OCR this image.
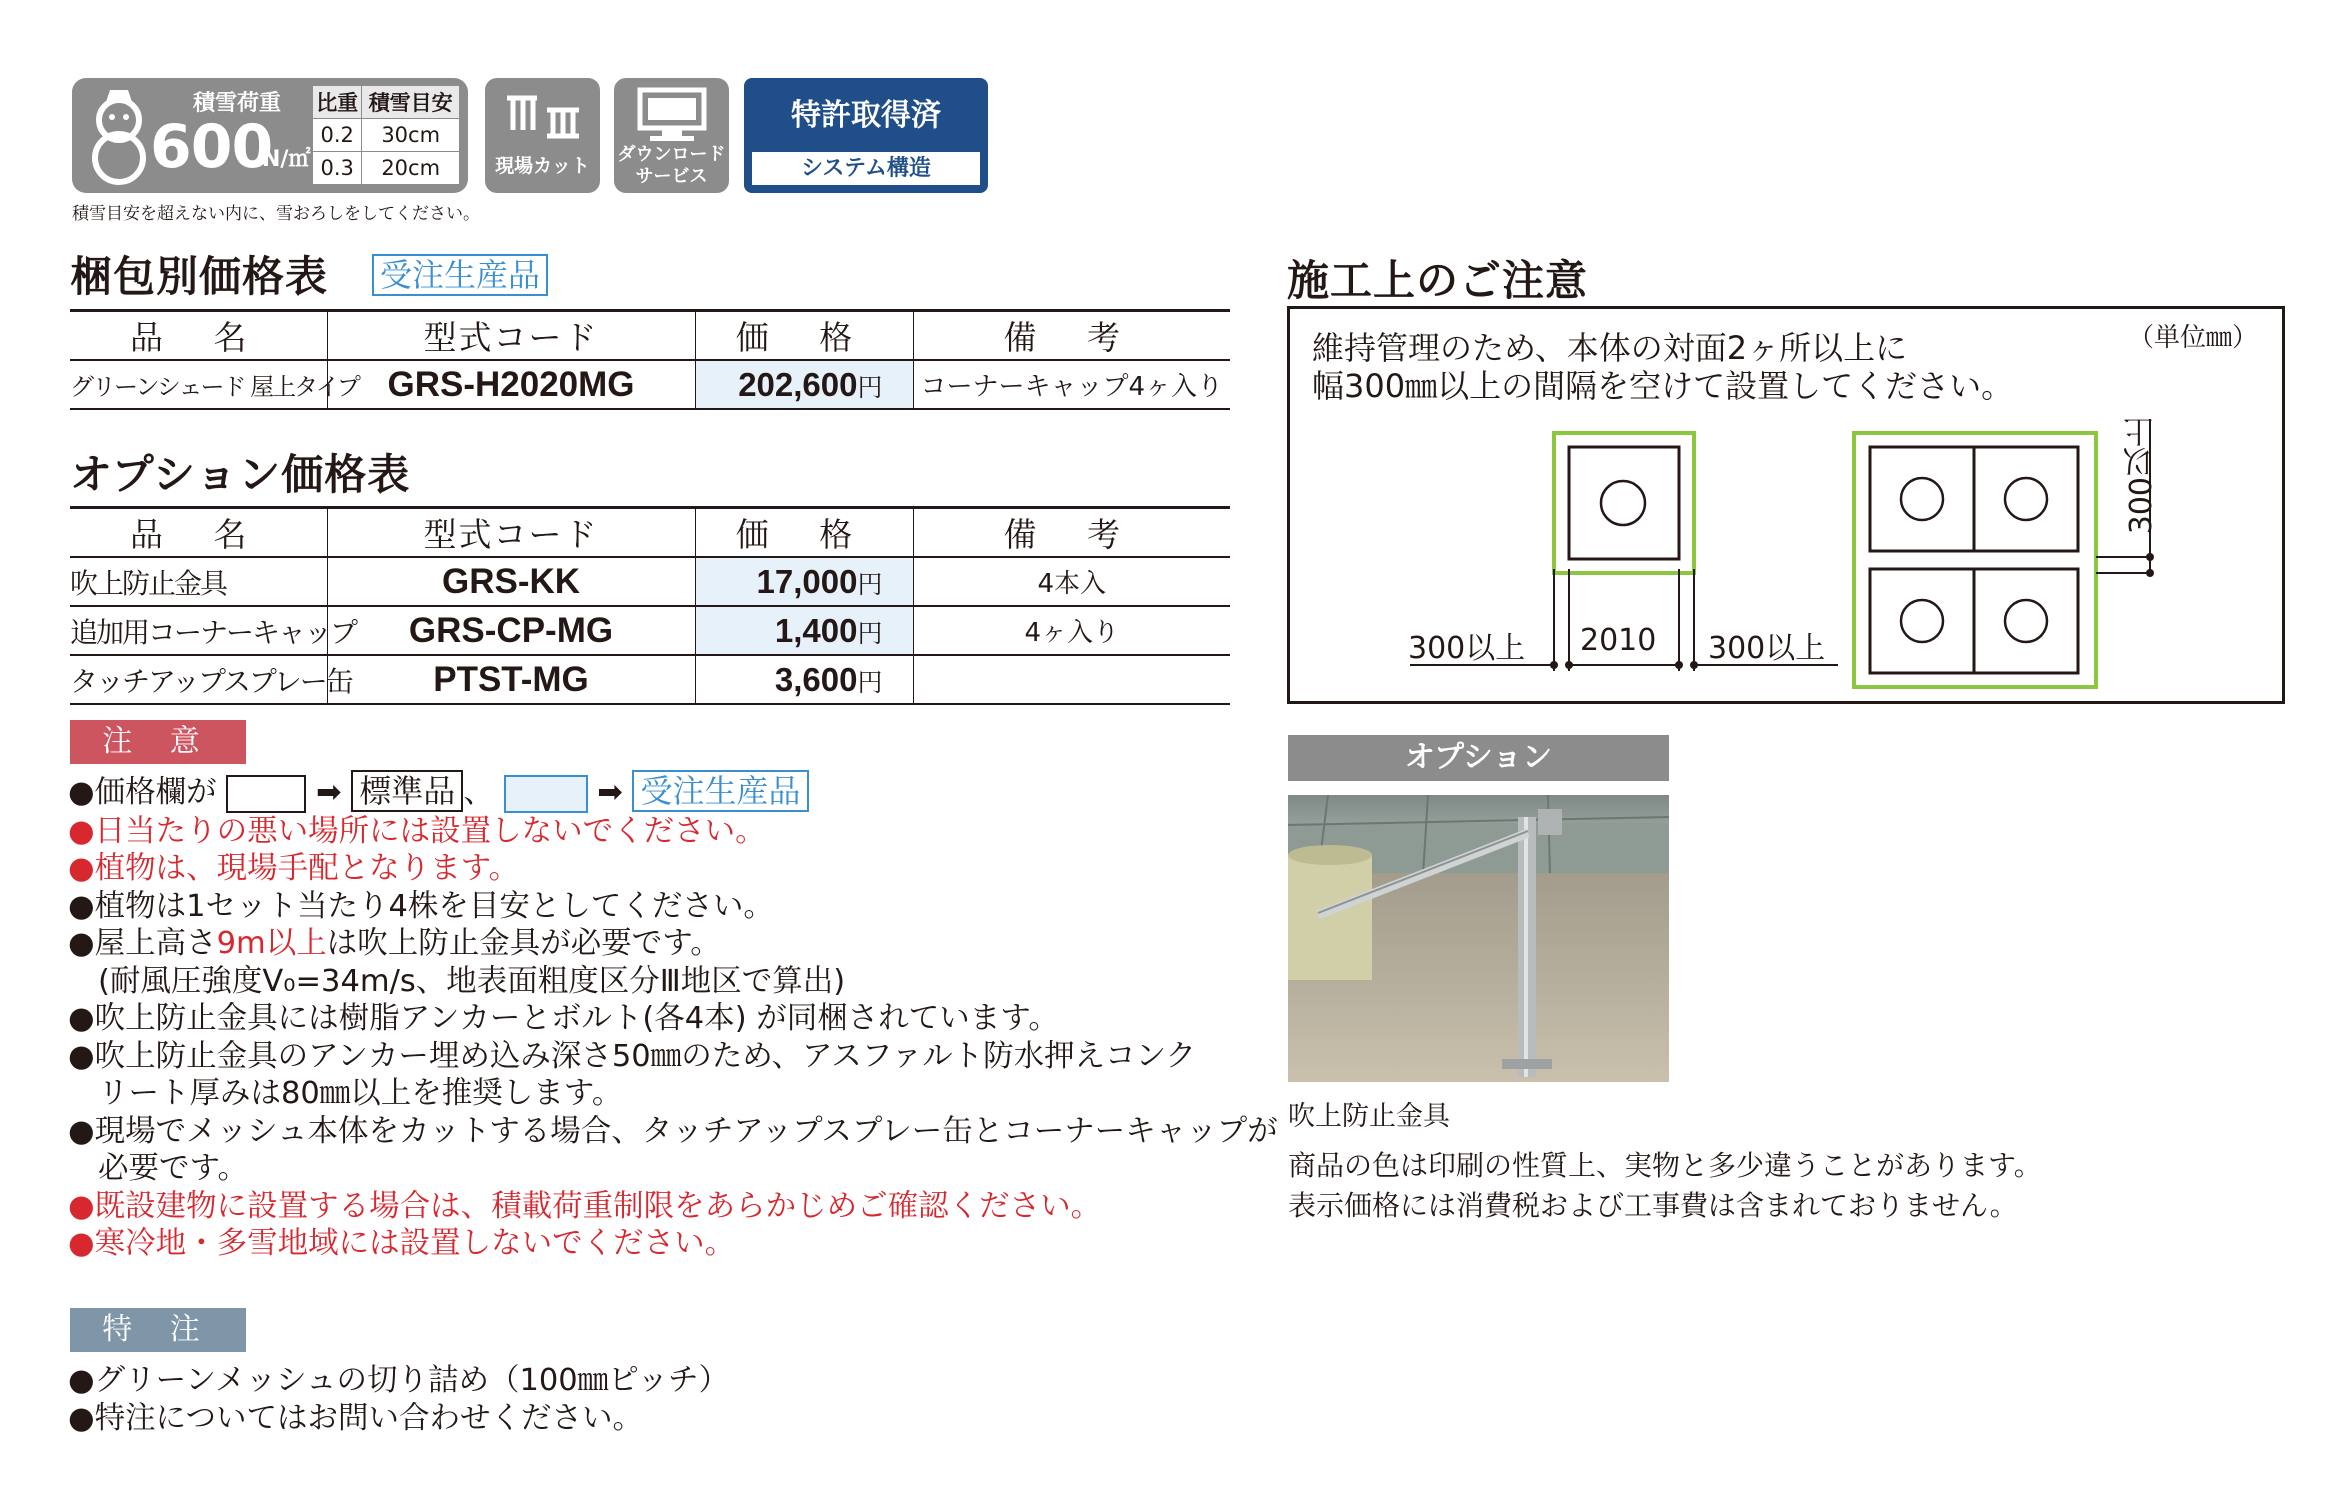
積雪荷重
600
N/㎡
比重	積雪目安
0.2	30cm
0.3	20cm
積雪目安を超えない内に、雪おろしをしてください。
現場カット
ダウンロード
サービス
特許取得済
システム構造
梱包別価格表 受注生産品
品 名	型式コード	価 格	備 考
グリーンシェード 屋上タイプ	GRS-H2020MG	202,600円	コーナーキャップ4ヶ入り
オプション価格表
品 名	型式コード	価 格	備 考
吹上防止金具	GRS-KK	17,000円	4本入
追加用コーナーキャップ	GRS-CP-MG	1,400円	4ヶ入り
タッチアップスプレー缶	PTST-MG	3,600円	
注 意
●価格欄が	➡ 標準品 、	➡ 受注生産品
●日当たりの悪い場所には設置しないでください。
●植物は、現場手配となります。
●植物は1セット当たり4株を目安としてください。
●屋上高さ9m以上は吹上防止金具が必要です。
(耐風圧強度V₀=34m/s、地表面粗度区分Ⅲ地区で算出)
●吹上防止金具には樹脂アンカーとボルト(各4本) が同梱されています。
●吹上防止金具のアンカー埋め込み深さ50㎜のため、アスファルト防水押えコンク
リート厚みは80㎜以上を推奨します。
●現場でメッシュ本体をカットする場合、タッチアップスプレー缶とコーナーキャップが
必要です。
●既設建物に設置する場合は、積載荷重制限をあらかじめご確認ください。
●寒冷地・多雪地域には設置しないでください。
特 注
●グリーンメッシュの切り詰め（100㎜ピッチ）
●特注についてはお問い合わせください。
施工上のご注意
維持管理のため、本体の対面2ヶ所以上に
幅300㎜以上の間隔を空けて設置してください。
（単位㎜）
300以上 2010 300以上
300以上
オプション
吹上防止金具
商品の色は印刷の性質上、実物と多少違うことがあります。
表示価格には消費税および工事費は含まれておりません。
